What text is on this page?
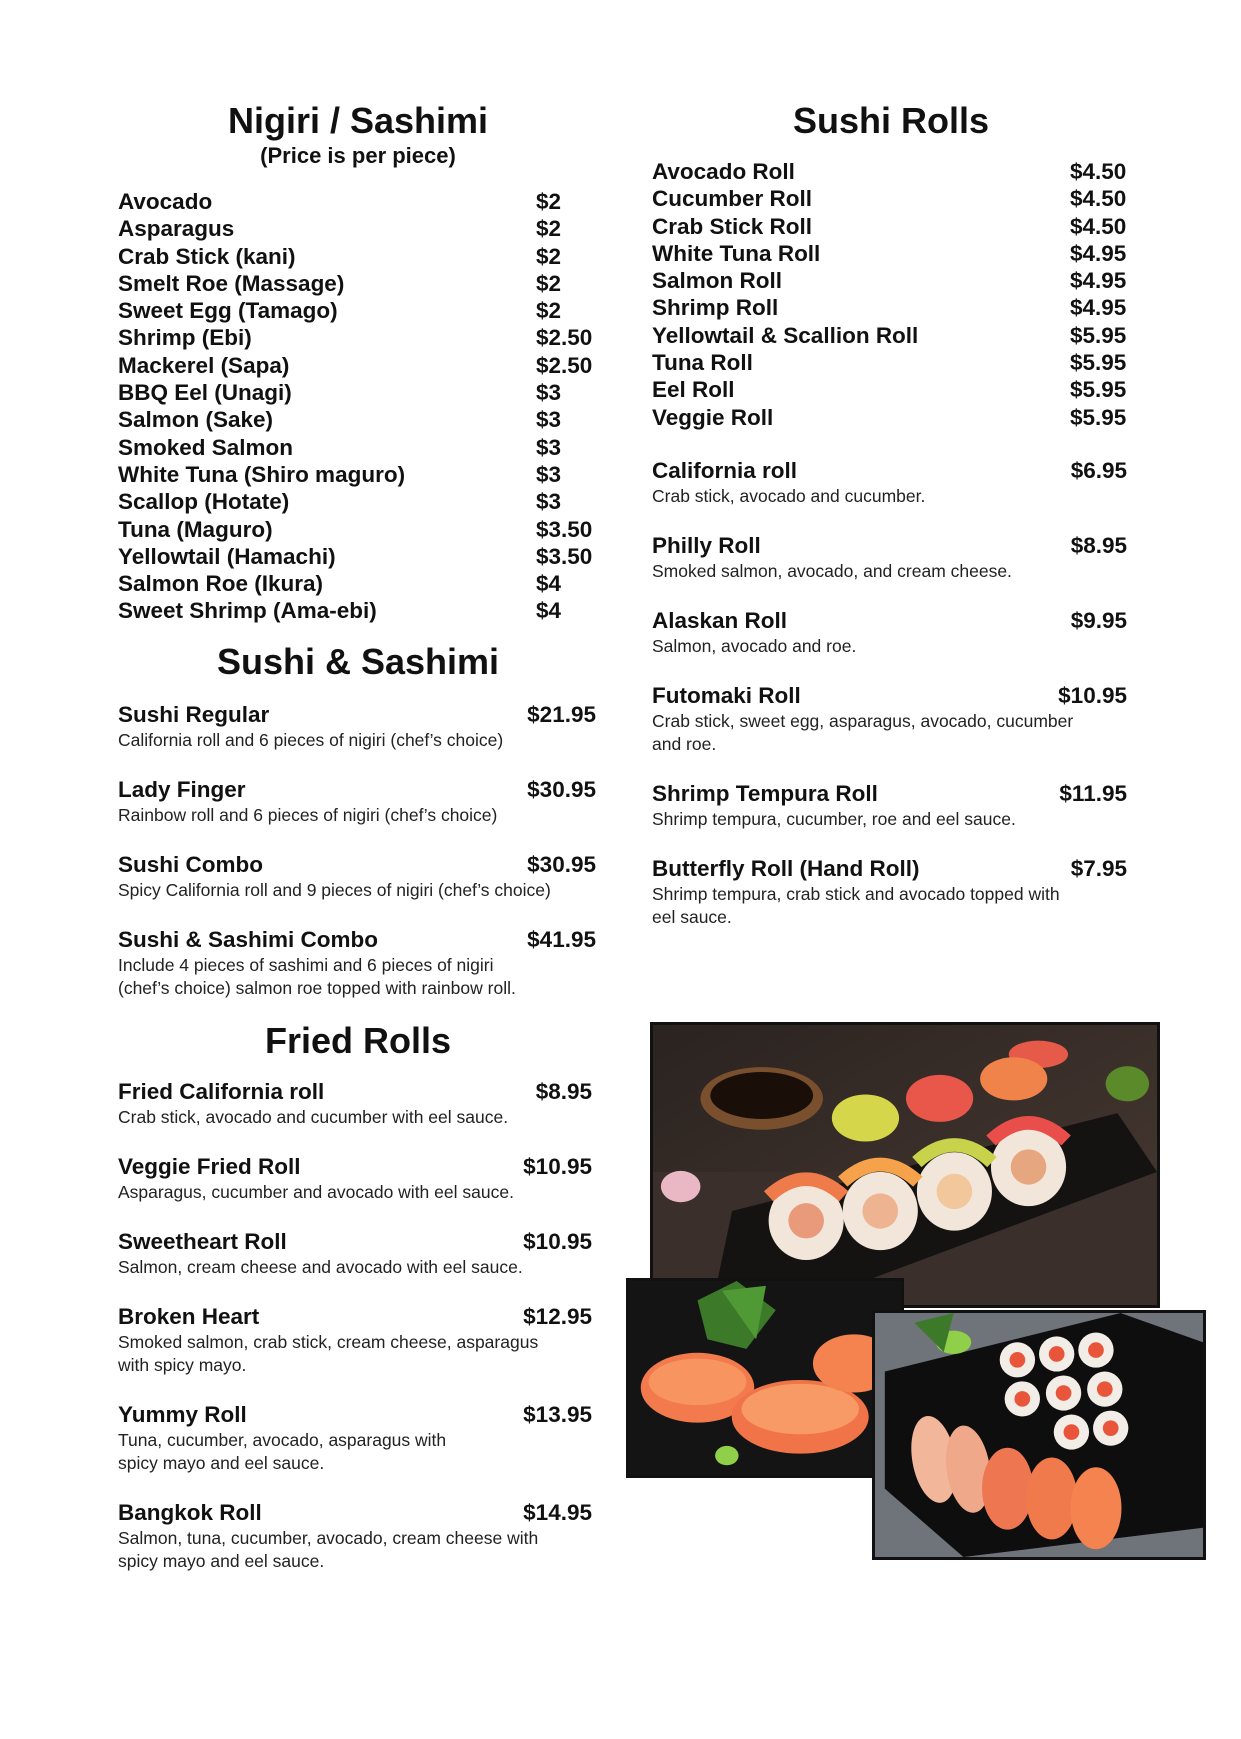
Nigiri / Sashimi
(Price is per piece)
Avocado	$2
Asparagus	$2
Crab Stick (kani)	$2
Smelt Roe (Massage)	$2
Sweet Egg (Tamago)	$2
Shrimp (Ebi)	$2.50
Mackerel (Sapa)	$2.50
BBQ Eel (Unagi)	$3
Salmon (Sake)	$3
Smoked Salmon	$3
White Tuna (Shiro maguro)	$3
Scallop (Hotate)	$3
Tuna (Maguro)	$3.50
Yellowtail (Hamachi)	$3.50
Salmon Roe (Ikura)	$4
Sweet Shrimp (Ama-ebi)	$4
Sushi & Sashimi
Sushi Regular	$21.95
California roll and 6 pieces of nigiri (chef’s choice)
Lady Finger	$30.95
Rainbow roll and 6 pieces of nigiri (chef’s choice)
Sushi Combo	$30.95
Spicy California roll and 9 pieces of nigiri (chef’s choice)
Sushi & Sashimi Combo	$41.95
Include 4 pieces of sashimi and 6 pieces of nigiri
(chef’s choice) salmon roe topped with rainbow roll.
Fried Rolls
Fried California roll	$8.95
Crab stick, avocado and cucumber with eel sauce.
Veggie Fried Roll	$10.95
Asparagus, cucumber and avocado with eel sauce.
Sweetheart Roll	$10.95
Salmon, cream cheese and avocado with eel sauce.
Broken Heart	$12.95
Smoked salmon, crab stick, cream cheese, asparagus
with spicy mayo.
Yummy Roll	$13.95
Tuna, cucumber, avocado, asparagus with
spicy mayo and eel sauce.
Bangkok Roll	$14.95
Salmon, tuna, cucumber, avocado, cream cheese with
spicy mayo and eel sauce.
Sushi Rolls
Avocado Roll	$4.50
Cucumber Roll	$4.50
Crab Stick Roll	$4.50
White Tuna Roll	$4.95
Salmon Roll	$4.95
Shrimp Roll	$4.95
Yellowtail & Scallion Roll	$5.95
Tuna Roll	$5.95
Eel Roll	$5.95
Veggie Roll	$5.95
California roll	$6.95
Crab stick, avocado and cucumber.
Philly Roll	$8.95
Smoked salmon, avocado, and cream cheese.
Alaskan Roll	$9.95
Salmon, avocado and roe.
Futomaki Roll	$10.95
Crab stick, sweet egg, asparagus, avocado, cucumber
and roe.
Shrimp Tempura Roll	$11.95
Shrimp tempura, cucumber, roe and eel sauce.
Butterfly Roll (Hand Roll)	$7.95
Shrimp tempura, crab stick and avocado topped with
eel sauce.
